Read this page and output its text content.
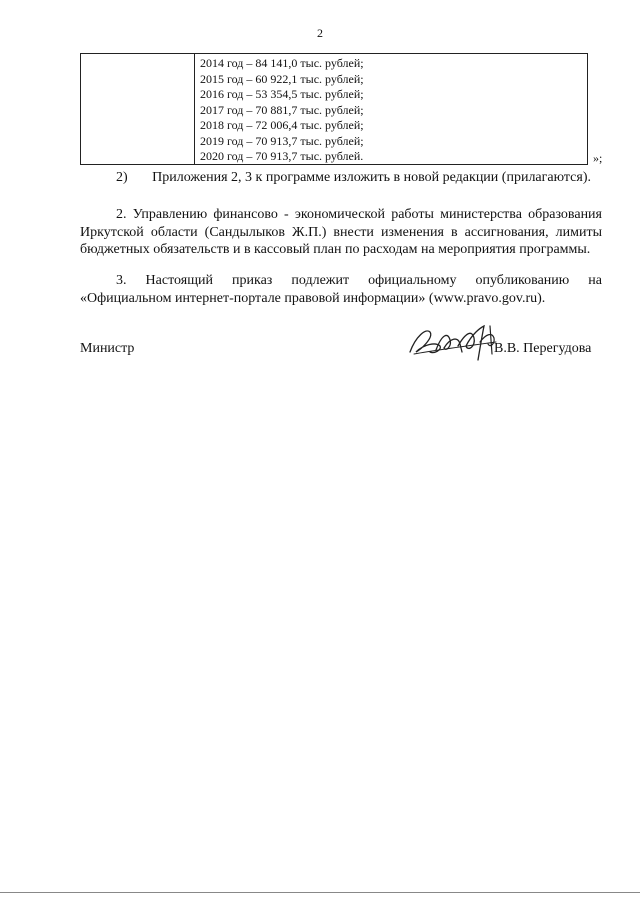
2
2014 год – 84 141,0 тыс. рублей;
2015 год – 60 922,1 тыс. рублей;
2016 год – 53 354,5 тыс. рублей;
2017 год – 70 881,7 тыс. рублей;
2018 год – 72 006,4 тыс. рублей;
2019 год – 70 913,7 тыс. рублей;
2020 год – 70 913,7 тыс. рублей.	»;

2)       Приложения 2, 3 к программе изложить в новой редакции (прилагаются).

2. Управлению финансово - экономической работы министерства образования Иркутской области (Сандылыков Ж.П.) внести изменения в ассигнования, лимиты бюджетных обязательств и в кассовый план по расходам на мероприятия программы.

3. Настоящий приказ подлежит официальному опубликованию на «Официальном интернет-портале правовой информации» (www.pravo.gov.ru).

Министр	В.В. Перегудова
